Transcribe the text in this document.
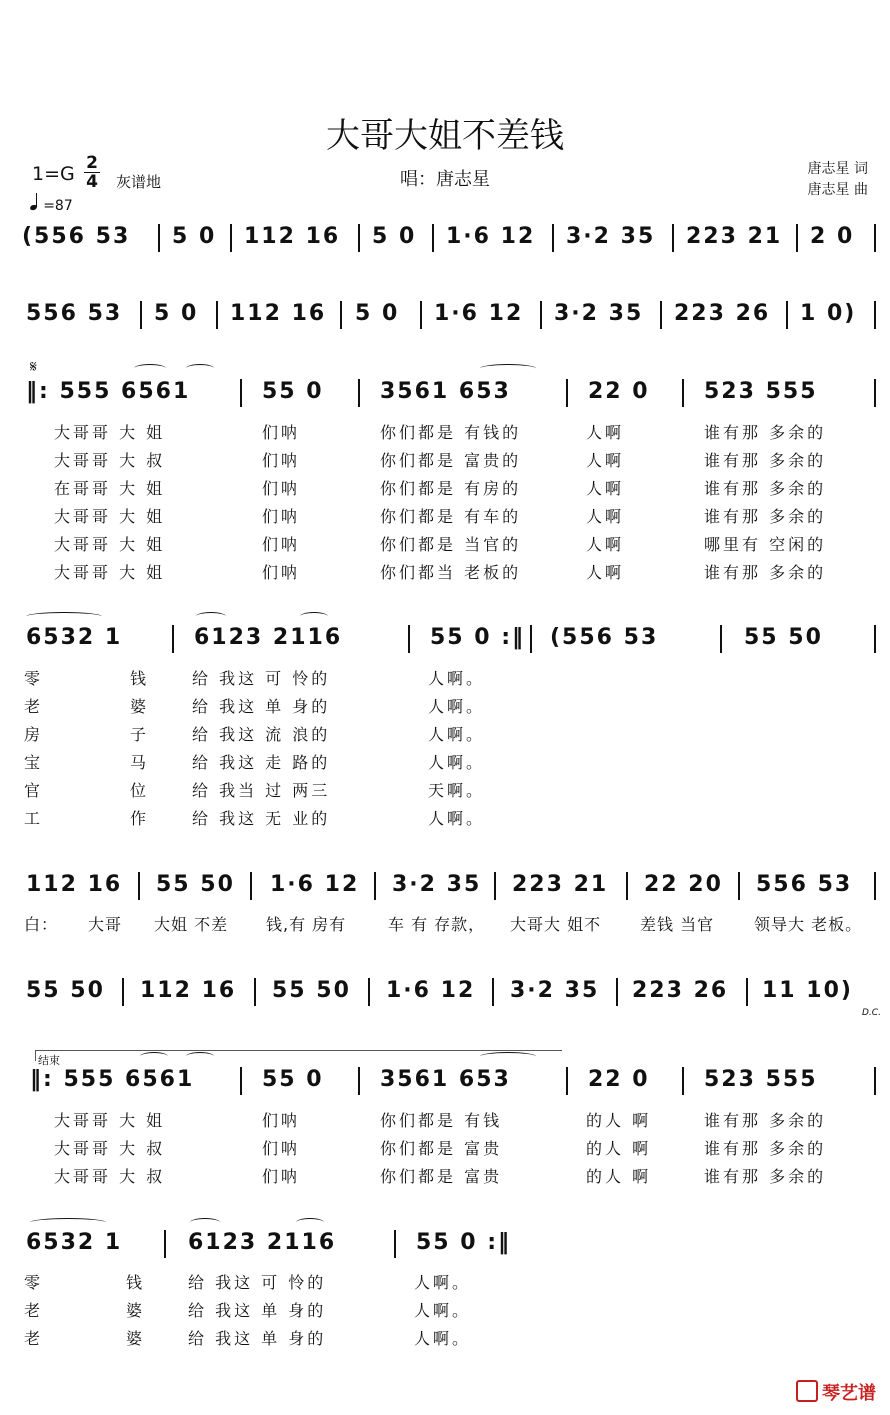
大哥大姐不差钱
1=G 2
4 灰谱地
=87
唱：唐志星	唐志星 词
唐志星 曲
𝄋
D.C.
结束
琴艺谱
(556 53 5 0 112 16 5 0 1·6 12 3·2 35 223 21 2 0
556 53 5 0 112 16 5 0 1·6 12 3·2 35 223 26 1 0)
‖: 555 6561	55 0	3561 653	22 0 523 555
6532 1	6123 2116	55 0 :‖ (556 53	55 50
112 16 55 50 1·6 12 3·2 35 223 21 22 20 556 53
55 50 112 16 55 50 1·6 12 3·2 35 223 26 11 10)
‖: 555 6561	55 0	3561 653	22 0 523 555
6532 1	6123 2116	55 0 :‖
大哥哥 大 姐	们呐	你们都是 有钱的	人啊	谁有那 多余的
大哥哥 大 叔	们呐	你们都是 富贵的	人啊	谁有那 多余的
在哥哥 大 姐	们呐	你们都是 有房的	人啊	谁有那 多余的
大哥哥 大 姐	们呐	你们都是 有车的	人啊	谁有那 多余的
大哥哥 大 姐	们呐	你们都是 当官的	人啊	哪里有 空闲的
大哥哥 大 姐	们呐	你们都当 老板的	人啊	谁有那 多余的
零	钱	给 我这 可 怜的	人啊。
老	婆	给 我这 单 身的	人啊。
房	子	给 我这 流 浪的	人啊。
宝	马	给 我这 走 路的	人啊。
官	位	给 我当 过 两三	天啊。
工	作	给 我这 无 业的	人啊。
大哥哥 大 姐	们呐	你们都是 有钱	的人 啊	谁有那 多余的
大哥哥 大 叔	们呐	你们都是 富贵	的人 啊	谁有那 多余的
大哥哥 大 叔	们呐	你们都是 富贵	的人 啊	谁有那 多余的
零	钱	给 我这 可 怜的	人啊。
老	婆	给 我这 单 身的	人啊。
老	婆	给 我这 单 身的	人啊。
白： 大哥 大姐 不差 钱,有 房有	车 有 存款， 大哥大 姐不 差钱 当官 领导大 老板。
